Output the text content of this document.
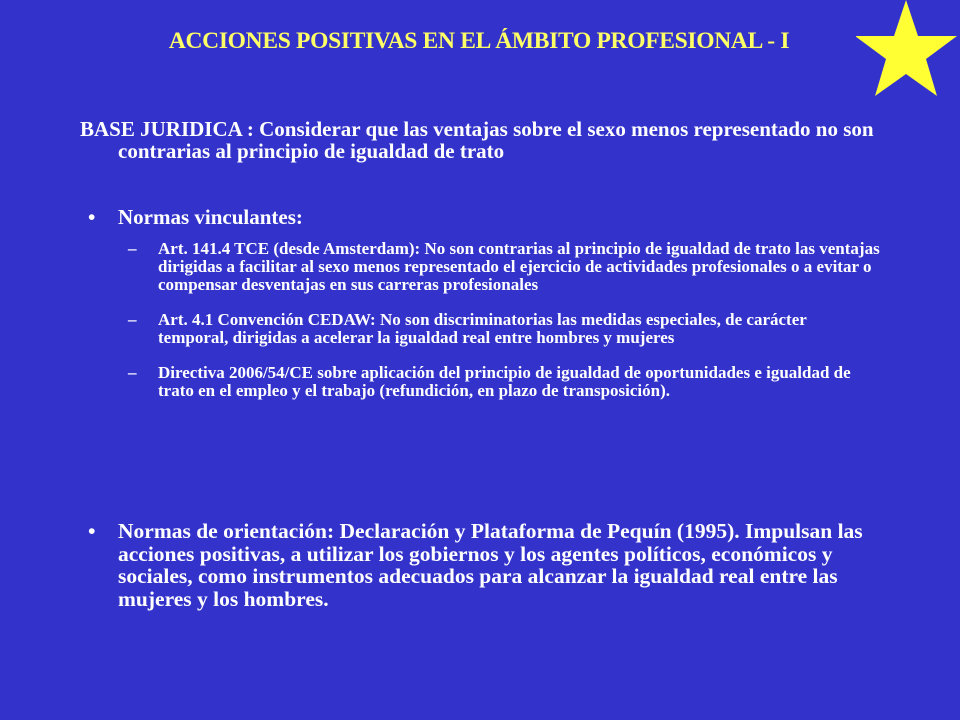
ACCIONES POSITIVAS EN EL ÁMBITO PROFESIONAL - I

BASE JURIDICA : Considerar que las ventajas sobre el sexo menos representado no son contrarias al principio de igualdad de trato

•	Normas vinculantes:
– Art. 141.4 TCE (desde Amsterdam): No son contrarias al principio de igualdad de trato las ventajas dirigidas a facilitar al sexo menos representado el ejercicio de actividades profesionales o a evitar o compensar desventajas en sus carreras profesionales
– Art. 4.1 Convención CEDAW: No son discriminatorias las medidas especiales, de carácter temporal, dirigidas a acelerar la igualdad real entre hombres y mujeres
– Directiva 2006/54/CE sobre aplicación del principio de igualdad de oportunidades e igualdad de trato en el empleo y el trabajo (refundición, en plazo de transposición).
•	Normas de orientación: Declaración y Plataforma de Pequín (1995). Impulsan las acciones positivas, a utilizar los gobiernos y los agentes políticos, económicos y sociales, como instrumentos adecuados para alcanzar la igualdad real entre las mujeres y los hombres.
